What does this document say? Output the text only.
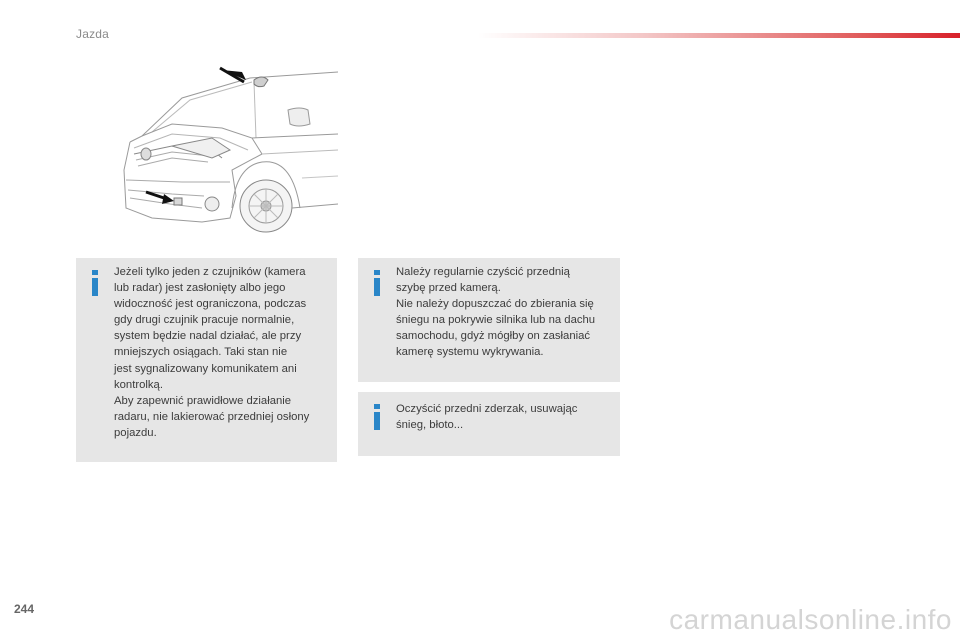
Jazda
Jeżeli tylko jeden z czujników (kamera
lub radar) jest zasłonięty albo jego
widoczność jest ograniczona, podczas
gdy drugi czujnik pracuje normalnie,
system będzie nadal działać, ale przy
mniejszych osiągach. Taki stan nie
jest sygnalizowany komunikatem ani
kontrolką.
Aby zapewnić prawidłowe działanie
radaru, nie lakierować przedniej osłony
pojazdu.
Należy regularnie czyścić przednią
szybę przed kamerą.
Nie należy dopuszczać do zbierania się
śniegu na pokrywie silnika lub na dachu
samochodu, gdyż mógłby on zasłaniać
kamerę systemu wykrywania.
Oczyścić przedni zderzak, usuwając
śnieg, błoto...
244	carmanualsonline.info
